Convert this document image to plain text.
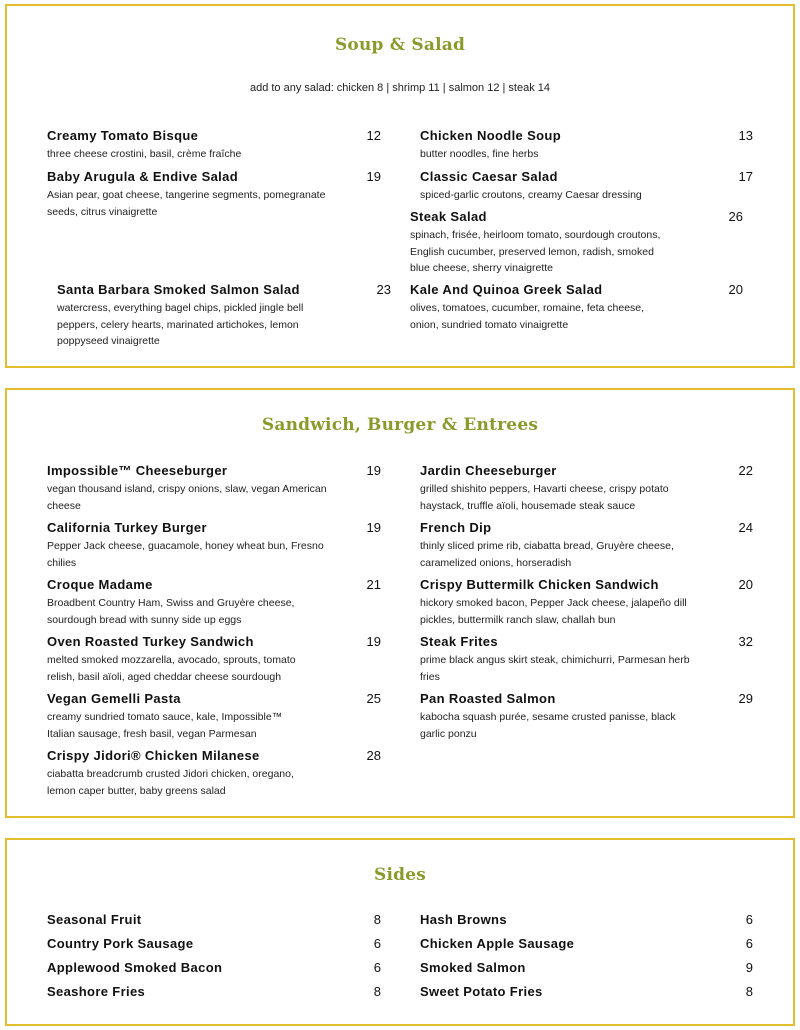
Soup & Salad
add to any salad: chicken 8 | shrimp 11 | salmon 12 | steak 14
Creamy Tomato Bisque	12
three cheese crostini, basil, crème fraîche
Baby Arugula & Endive Salad	19
Asian pear, goat cheese, tangerine segments, pomegranate seeds, citrus vinaigrette
Santa Barbara Smoked Salmon Salad	23
watercress, everything bagel chips, pickled jingle bell peppers, celery hearts, marinated artichokes, lemon poppyseed vinaigrette
Chicken Noodle Soup	13
butter noodles, fine herbs
Classic Caesar Salad	17
spiced-garlic croutons, creamy Caesar dressing
Steak Salad	26
spinach, frisée, heirloom tomato, sourdough croutons, English cucumber, preserved lemon, radish, smoked blue cheese, sherry vinaigrette
Kale And Quinoa Greek Salad	20
olives, tomatoes, cucumber, romaine, feta cheese, onion, sundried tomato vinaigrette
Sandwich, Burger & Entrees
Impossible™ Cheeseburger	19
vegan thousand island, crispy onions, slaw, vegan American cheese
California Turkey Burger	19
Pepper Jack cheese, guacamole, honey wheat bun, Fresno chilies
Croque Madame	21
Broadbent Country Ham, Swiss and Gruyère cheese, sourdough bread with sunny side up eggs
Oven Roasted Turkey Sandwich	19
melted smoked mozzarella, avocado, sprouts, tomato relish, basil aïoli, aged cheddar cheese sourdough
Vegan Gemelli Pasta	25
creamy sundried tomato sauce, kale, Impossible™ Italian sausage, fresh basil, vegan Parmesan
Crispy Jidori® Chicken Milanese	28
ciabatta breadcrumb crusted Jidori chicken, oregano, lemon caper butter, baby greens salad
Jardin Cheeseburger	22
grilled shishito peppers, Havarti cheese, crispy potato haystack, truffle aïoli, housemade steak sauce
French Dip	24
thinly sliced prime rib, ciabatta bread, Gruyère cheese, caramelized onions, horseradish
Crispy Buttermilk Chicken Sandwich	20
hickory smoked bacon, Pepper Jack cheese, jalapeño dill pickles, buttermilk ranch slaw, challah bun
Steak Frites	32
prime black angus skirt steak, chimichurri, Parmesan herb fries
Pan Roasted Salmon	29
kabocha squash purée, sesame crusted panisse, black garlic ponzu
Sides
Seasonal Fruit	8
Country Pork Sausage	6
Applewood Smoked Bacon	6
Seashore Fries	8
Hash Browns	6
Chicken Apple Sausage	6
Smoked Salmon	9
Sweet Potato Fries	8
